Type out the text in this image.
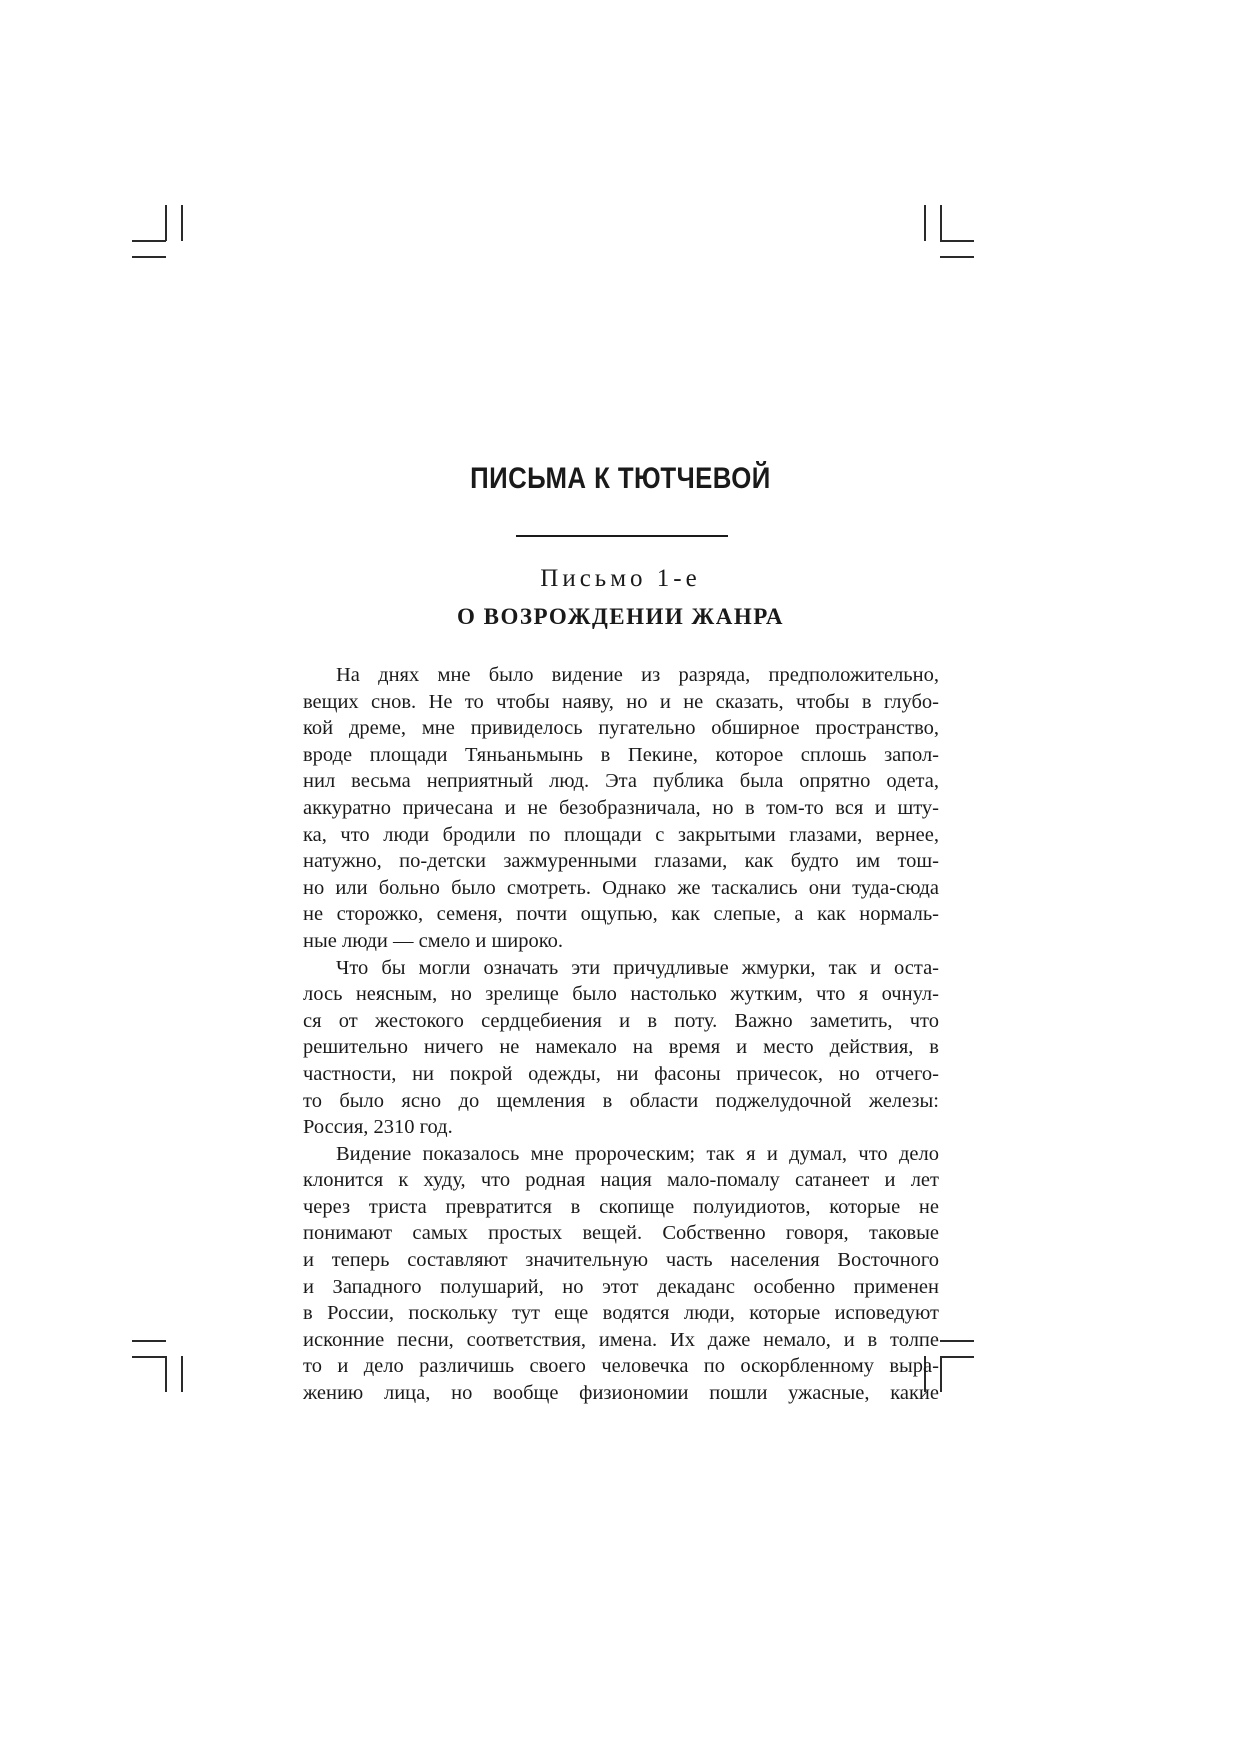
ПИСЬМА К ТЮТЧЕВОЙ
Письмо 1-е
О ВОЗРОЖДЕНИИ ЖАНРА
На днях мне было видение из разряда, предположительно,
вещих снов. Не то чтобы наяву, но и не сказать, чтобы в глубо-
кой дреме, мне привиделось пугательно обширное пространство,
вроде площади Тяньаньмынь в Пекине, которое сплошь запол-
нил весьма неприятный люд. Эта публика была опрятно одета,
аккуратно причесана и не безобразничала, но в том-то вся и шту-
ка, что люди бродили по площади с закрытыми глазами, вернее,
натужно, по-детски зажмуренными глазами, как будто им тош-
но или больно было смотреть. Однако же таскались они туда-сюда
не сторожко, семеня, почти ощупью, как слепые, а как нормаль-
ные люди — смело и широко.
Что бы могли означать эти причудливые жмурки, так и оста-
лось неясным, но зрелище было настолько жутким, что я очнул-
ся от жестокого сердцебиения и в поту. Важно заметить, что
решительно ничего не намекало на время и место действия, в
частности, ни покрой одежды, ни фасоны причесок, но отчего-
то было ясно до щемления в области поджелудочной железы:
Россия, 2310 год.
Видение показалось мне пророческим; так я и думал, что дело
клонится к худу, что родная нация мало-помалу сатанеет и лет
через триста превратится в скопище полуидиотов, которые не
понимают самых простых вещей. Собственно говоря, таковые
и теперь составляют значительную часть населения Восточного
и Западного полушарий, но этот декаданс особенно применен
в России, поскольку тут еще водятся люди, которые исповедуют
исконние песни, соответствия, имена. Их даже немало, и в толпе
то и дело различишь своего человечка по оскорбленному выра-
жению лица, но вообще физиономии пошли ужасные, какие
